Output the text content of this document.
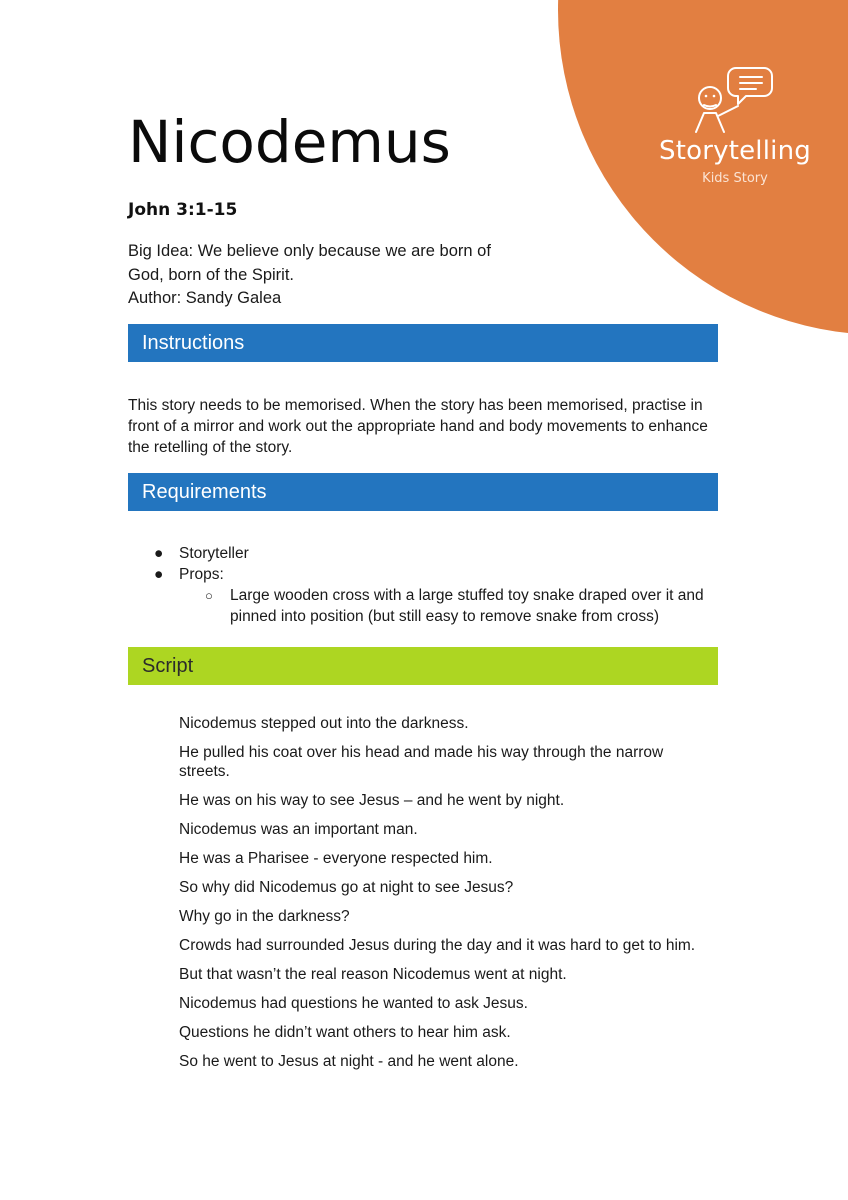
Storytelling
Kids Story
Nicodemus
John 3:1-15
Big Idea: We believe only because we are born of
God, born of the Spirit.
Author: Sandy Galea
Instructions

This story needs to be memorised. When the story has been memorised, practise in front of a mirror and work out the appropriate hand and body movements to enhance the retelling of the story.

Requirements
● Storyteller
● Props:
○ Large wooden cross with a large stuffed toy snake draped over it and pinned into position (but still easy to remove snake from cross)
Script

Nicodemus stepped out into the darkness.

He pulled his coat over his head and made his way through the narrow streets.

He was on his way to see Jesus – and he went by night.

Nicodemus was an important man.

He was a Pharisee - everyone respected him.

So why did Nicodemus go at night to see Jesus?

Why go in the darkness?

Crowds had surrounded Jesus during the day and it was hard to get to him.

But that wasn’t the real reason Nicodemus went at night.

Nicodemus had questions he wanted to ask Jesus.

Questions he didn’t want others to hear him ask.

So he went to Jesus at night - and he went alone.
